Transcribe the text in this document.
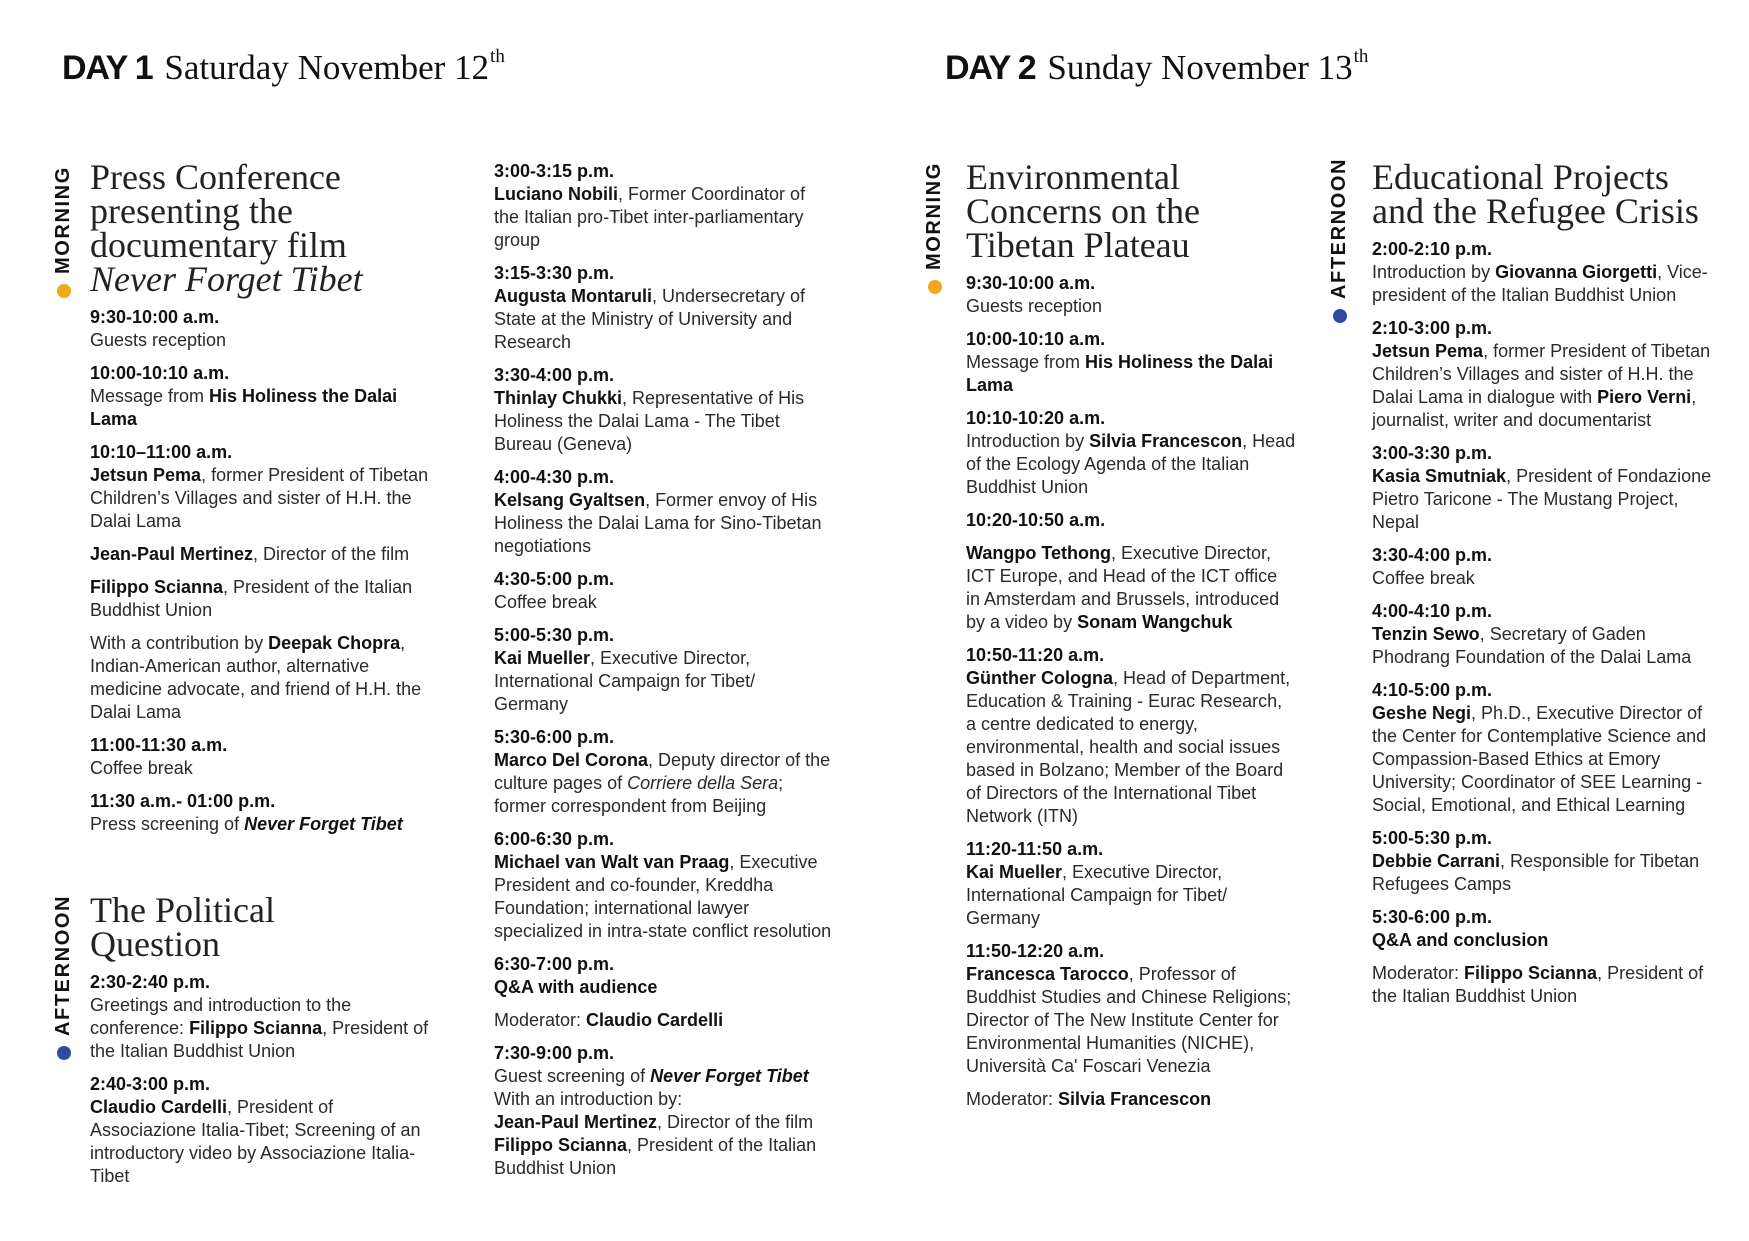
DAY 1 Saturday November 12th	DAY 2 Sunday November 13th
MORNING
AFTERNOON
MORNING	AFTERNOON
Press Conference
presenting the
documentary film
Never Forget Tibet
9:30-10:00 a.m.
Guests reception
10:00-10:10 a.m.
Message from His Holiness the Dalai Lama
10:10–11:00 a.m.
Jetsun Pema, former President of Tibetan Children’s Villages and sister of H.H. the Dalai Lama
Jean-Paul Mertinez, Director of the film
Filippo Scianna, President of the Italian Buddhist Union
With a contribution by Deepak Chopra, Indian-American author, alternative medicine advocate, and friend of H.H. the Dalai Lama
11:00-11:30 a.m.
Coffee break
11:30 a.m.- 01:00 p.m.
Press screening of Never Forget Tibet
The Political
Question
2:30-2:40 p.m.
Greetings and introduction to the conference: Filippo Scianna, President of the Italian Buddhist Union
2:40-3:00 p.m.
Claudio Cardelli, President of Associazione Italia-Tibet; Screening of an introductory video by Associazione Italia-Tibet
3:00-3:15 p.m.
Luciano Nobili, Former Coordinator of the Italian pro-Tibet inter-parliamentary group
3:15-3:30 p.m.
Augusta Montaruli, Undersecretary of State at the Ministry of University and Research
3:30-4:00 p.m.
Thinlay Chukki, Representative of His Holiness the Dalai Lama - The Tibet Bureau (Geneva)
4:00-4:30 p.m.
Kelsang Gyaltsen, Former envoy of His Holiness the Dalai Lama for Sino-Tibetan negotiations
4:30-5:00 p.m.
Coffee break
5:00-5:30 p.m.
Kai Mueller, Executive Director, International Campaign for Tibet/ Germany
5:30-6:00 p.m.
Marco Del Corona, Deputy director of the culture pages of Corriere della Sera; former correspondent from Beijing
6:00-6:30 p.m.
Michael van Walt van Praag, Executive President and co-founder, Kreddha Foundation; international lawyer specialized in intra-state conflict resolution
6:30-7:00 p.m.
Q&A with audience
Moderator: Claudio Cardelli
7:30-9:00 p.m.
Guest screening of Never Forget Tibet
With an introduction by:
Jean-Paul Mertinez, Director of the film
Filippo Scianna, President of the Italian Buddhist Union
Environmental
Concerns on the
Tibetan Plateau
9:30-10:00 a.m.
Guests reception
10:00-10:10 a.m.
Message from His Holiness the Dalai Lama
10:10-10:20 a.m.
Introduction by Silvia Francescon, Head of the Ecology Agenda of the Italian Buddhist Union
10:20-10:50 a.m.
Wangpo Tethong, Executive Director, ICT Europe, and Head of the ICT office in Amsterdam and Brussels, introduced by a video by Sonam Wangchuk
10:50-11:20 a.m.
Günther Cologna, Head of Department, Education & Training - Eurac Research, a centre dedicated to energy, environmental, health and social issues based in Bolzano; Member of the Board of Directors of the International Tibet Network (ITN)
11:20-11:50 a.m.
Kai Mueller, Executive Director, International Campaign for Tibet/ Germany
11:50-12:20 a.m.
Francesca Tarocco, Professor of Buddhist Studies and Chinese Religions; Director of The New Institute Center for Environmental Humanities (NICHE), Università Ca' Foscari Venezia
Moderator: Silvia Francescon
Educational Projects
and the Refugee Crisis
2:00-2:10 p.m.
Introduction by Giovanna Giorgetti, Vice-president of the Italian Buddhist Union
2:10-3:00 p.m.
Jetsun Pema, former President of Tibetan Children’s Villages and sister of H.H. the Dalai Lama in dialogue with Piero Verni, journalist, writer and documentarist
3:00-3:30 p.m.
Kasia Smutniak, President of Fondazione Pietro Taricone - The Mustang Project, Nepal
3:30-4:00 p.m.
Coffee break
4:00-4:10 p.m.
Tenzin Sewo, Secretary of Gaden Phodrang Foundation of the Dalai Lama
4:10-5:00 p.m.
Geshe Negi, Ph.D., Executive Director of the Center for Contemplative Science and Compassion-Based Ethics at Emory University; Coordinator of SEE Learning - Social, Emotional, and Ethical Learning
5:00-5:30 p.m.
Debbie Carrani, Responsible for Tibetan Refugees Camps
5:30-6:00 p.m.
Q&A and conclusion
Moderator: Filippo Scianna, President of the Italian Buddhist Union
